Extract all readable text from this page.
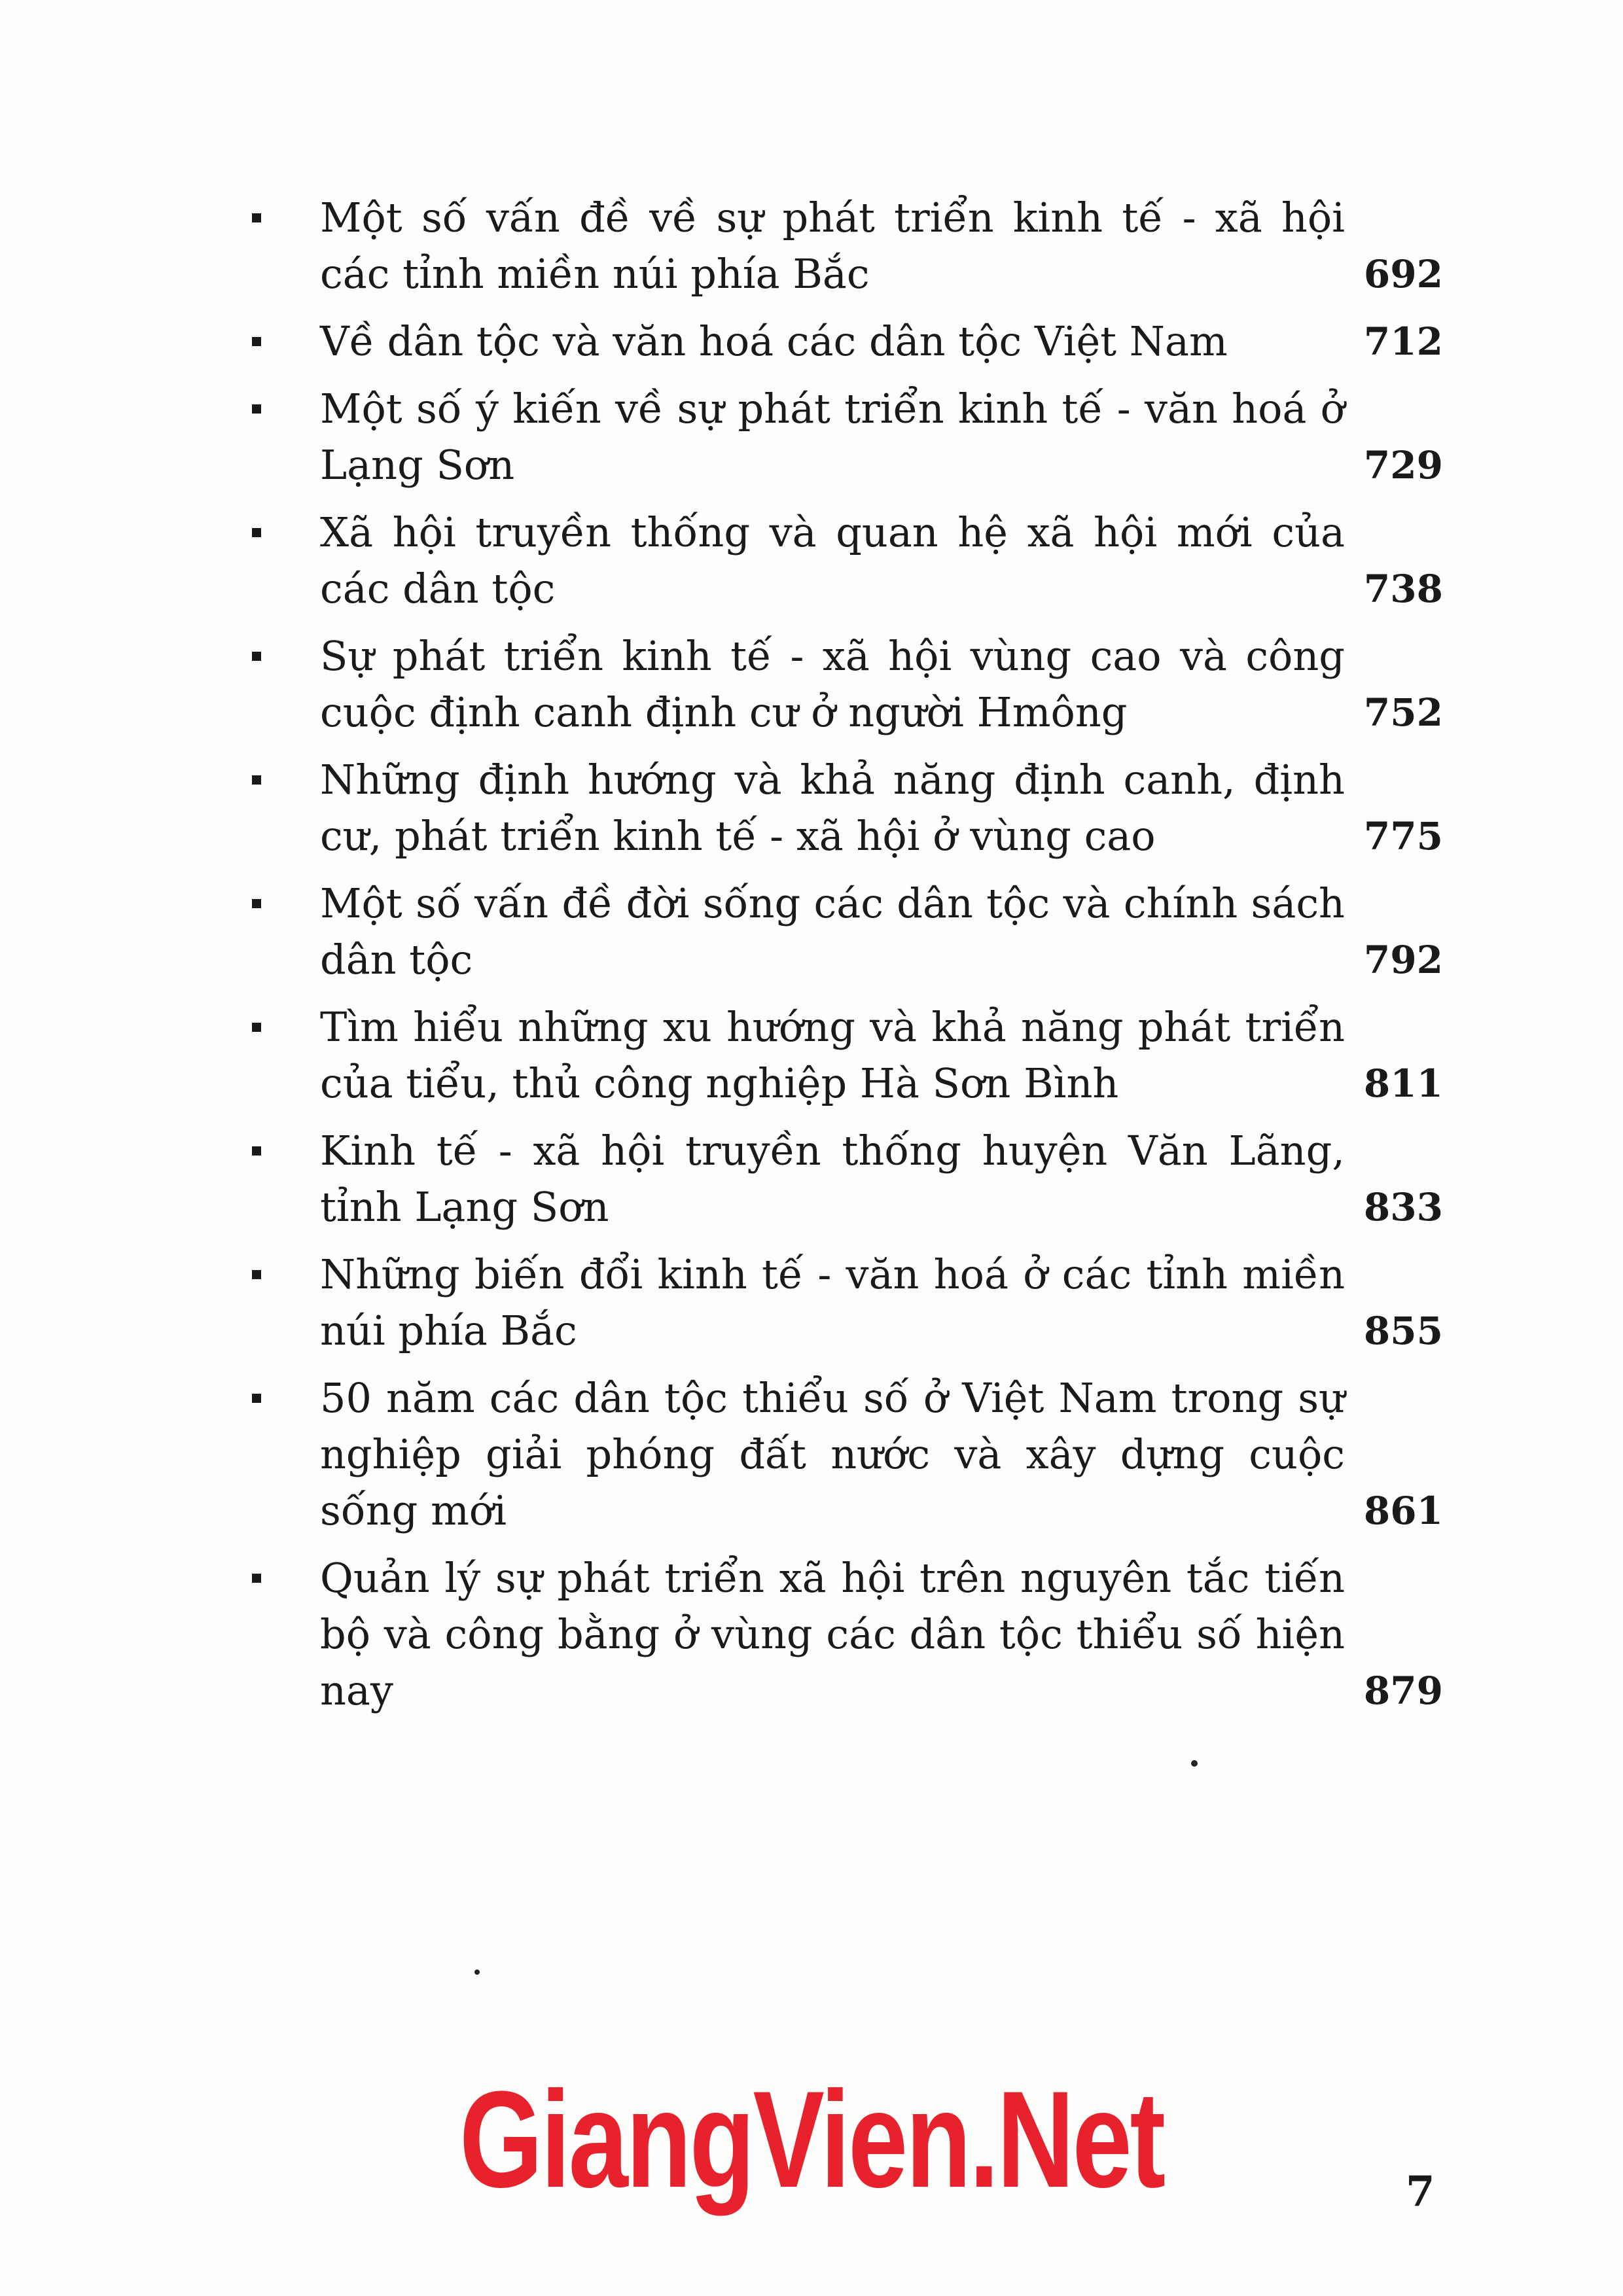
Một số vấn đề về sự phát triển kinh tế - xã hội các tỉnh miền núi phía Bắc	692
Về dân tộc và văn hoá các dân tộc Việt Nam	712
Một số ý kiến về sự phát triển kinh tế - văn hoá ở Lạng Sơn	729
Xã hội truyền thống và quan hệ xã hội mới của các dân tộc	738
Sự phát triển kinh tế - xã hội vùng cao và công cuộc định canh định cư ở người Hmông	752
Những định hướng và khả năng định canh, định cư, phát triển kinh tế - xã hội ở vùng cao	775
Một số vấn đề đời sống các dân tộc và chính sách dân tộc	792
Tìm hiểu những xu hướng và khả năng phát triển của tiểu, thủ công nghiệp Hà Sơn Bình	811
Kinh tế - xã hội truyền thống huyện Văn Lãng, tỉnh Lạng Sơn	833
Những biến đổi kinh tế - văn hoá ở các tỉnh miền núi phía Bắc	855
50 năm các dân tộc thiểu số ở Việt Nam trong sự nghiệp giải phóng đất nước và xây dựng cuộc sống mới	861
Quản lý sự phát triển xã hội trên nguyên tắc tiến bộ và công bằng ở vùng các dân tộc thiểu số hiện nay	879
GiangVien.Net	7
